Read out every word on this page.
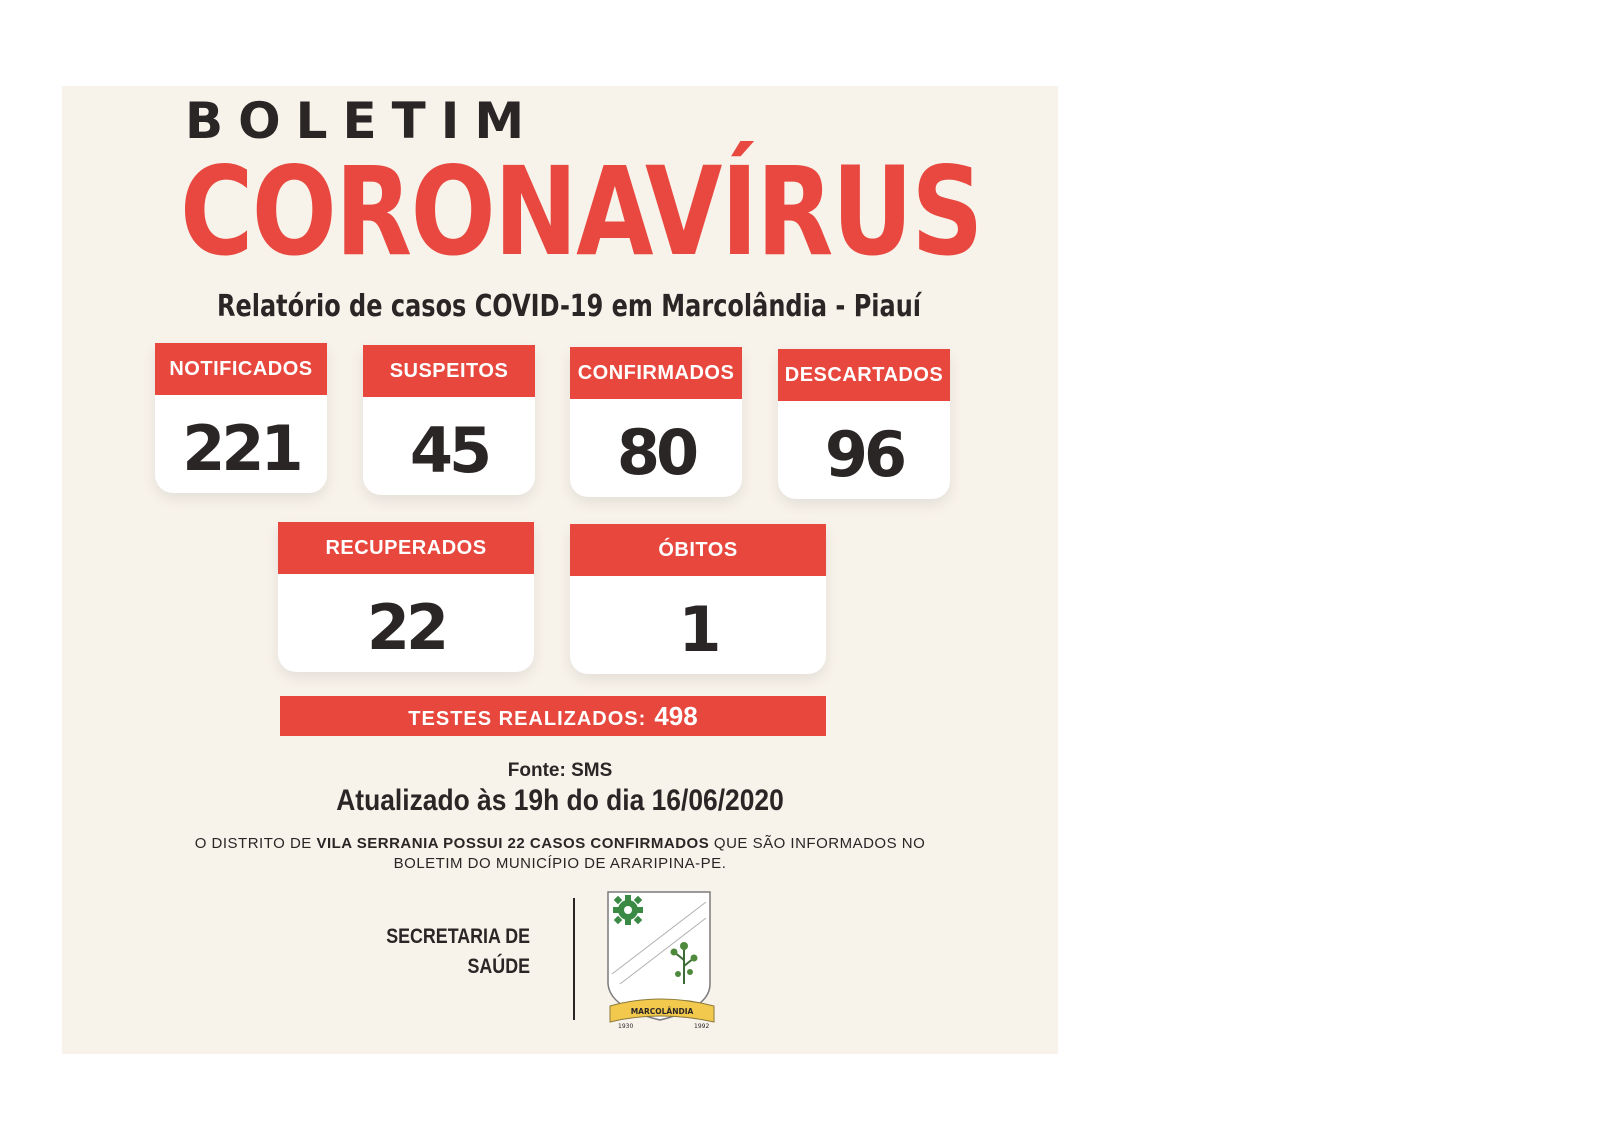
BOLETIM
CORONAVÍRUS
Relatório de casos COVID-19 em Marcolândia - Piauí
NOTIFICADOS
221
SUSPEITOS
45
CONFIRMADOS
80
DESCARTADOS
96
RECUPERADOS
22
ÓBITOS
1
TESTES REALIZADOS: 498
Fonte: SMS
Atualizado às 19h do dia 16/06/2020
O DISTRITO DE VILA SERRANIA POSSUI 22 CASOS CONFIRMADOS QUE SÃO INFORMADOS NO BOLETIM DO MUNICÍPIO DE ARARIPINA-PE.
SECRETARIA DE
SAÚDE
MARCOLÂNDIA
1930	1992
